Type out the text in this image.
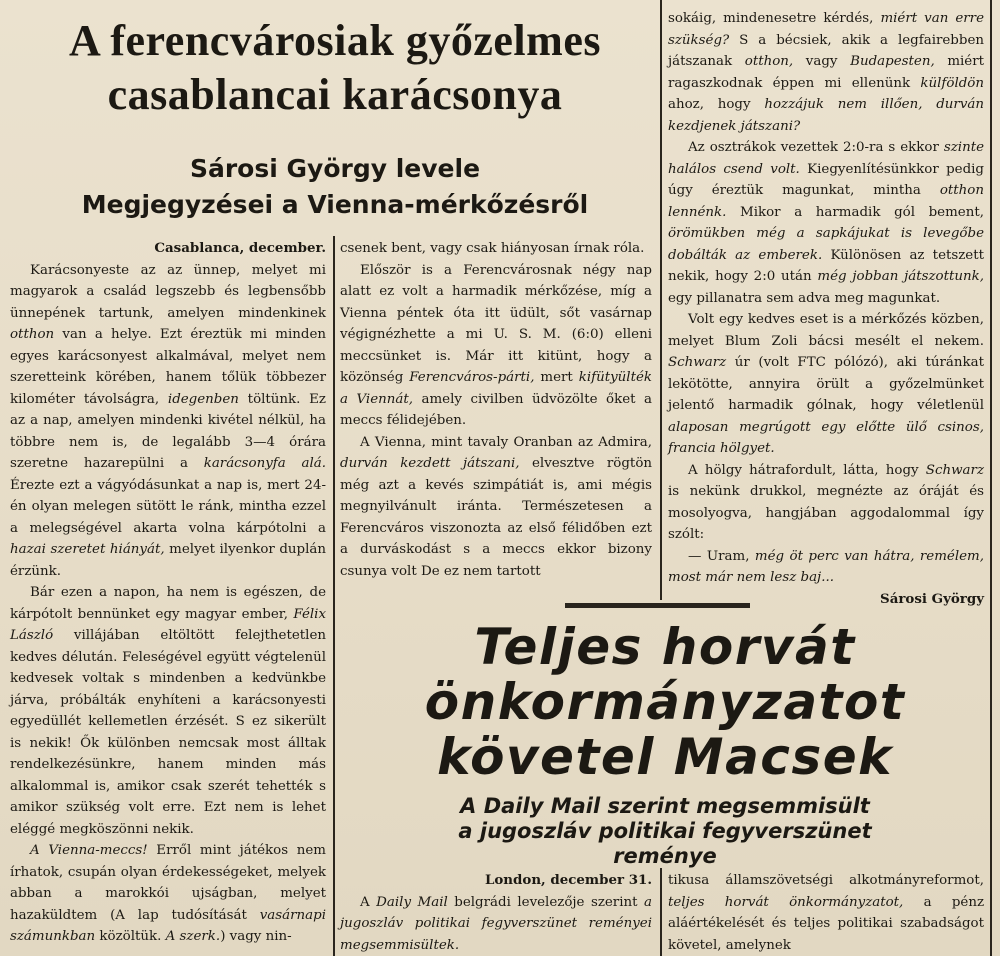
A ferencvárosiak győzelmes
casablancai karácsonya
Sárosi György levele
Megjegyzései a Vienna-mérkőzésről

Casablanca, december.

Karácsonyeste az az ünnep, melyet mi magyarok a család legszebb és legbensőbb ünnepének tartunk, amelyen mindenkinek otthon van a helye. Ezt éreztük mi minden egyes karácsonyest alkalmával, melyet nem szeretteink körében, hanem tőlük többezer kilométer távolságra, idegenben töltünk. Ez az a nap, amelyen mindenki kivétel nélkül, ha többre nem is, de legalább 3—4 órára szeretne hazarepülni a karácsonyfa alá. Érezte ezt a vágyódásunkat a nap is, mert 24-én olyan melegen sütött le ránk, mintha ezzel a melegségével akarta volna kárpótolni a hazai szeretet hiányát, melyet ilyenkor duplán érzünk.

Bár ezen a napon, ha nem is egészen, de kárpótolt bennünket egy magyar ember, Félix László villájában eltöltött felejthetetlen kedves délután. Feleségével együtt végtelenül kedvesek voltak s mindenben a kedvünkbe járva, próbálták enyhíteni a karácsonyesti egyedüllét kellemetlen érzését. S ez sikerült is nekik! Ők különben nemcsak most álltak rendelkezésünkre, hanem minden más alkalommal is, amikor csak szerét tehették s amikor szükség volt erre. Ezt nem is lehet eléggé megköszönni nekik.

A Vienna-meccs! Erről mint játékos nem írhatok, csupán olyan érdekességeket, melyek abban a marokkói ujságban, melyet hazaküldtem (A lap tudósítását vasárnapi számunkban közöltük. A szerk.) vagy nin-

csenek bent, vagy csak hiányosan írnak róla.

Először is a Ferencvárosnak négy nap alatt ez volt a harmadik mérkőzése, míg a Vienna péntek óta itt üdült, sőt vasárnap végignézhette a mi U. S. M. (6:0) elleni meccsünket is. Már itt kitünt, hogy a közönség Ferencváros-párti, mert kifütyülték a Viennát, amely civilben üdvözölte őket a meccs félidejében.

A Vienna, mint tavaly Oranban az Admira, durván kezdett játszani, elvesztve rögtön még azt a kevés szimpátiát is, ami mégis megnyilvánult iránta. Természetesen a Ferencváros viszonozta az első félidőben ezt a durváskodást s a meccs ekkor bizony csunya volt De ez nem tartott

sokáig, mindenesetre kérdés, miért van erre szükség? S a bécsiek, akik a legfairebben játszanak otthon, vagy Budapesten, miért ragaszkodnak éppen mi ellenünk külföldön ahoz, hogy hozzájuk nem illően, durván kezdjenek játszani?

Az osztrákok vezettek 2:0-ra s ekkor szinte halálos csend volt. Kiegyenlítésünkkor pedig úgy éreztük magunkat, mintha otthon lennénk. Mikor a harmadik gól bement, örömükben még a sapkájukat is levegőbe dobálták az emberek. Különösen az tetszett nekik, hogy 2:0 után még jobban játszottunk, egy pillanatra sem adva meg magunkat.

Volt egy kedves eset is a mérkőzés közben, melyet Blum Zoli bácsi mesélt el nekem. Schwarz úr (volt FTC pólózó), aki túránkat lekötötte, annyira örült a győzelmünket jelentő harmadik gólnak, hogy véletlenül alaposan megrúgott egy előtte ülő csinos, francia hölgyet.

A hölgy hátrafordult, látta, hogy Schwarz is nekünk drukkol, megnézte az óráját és mosolyogva, hangjában aggodalommal így szólt:

— Uram, még öt perc van hátra, remélem, most már nem lesz baj...

Sárosi György

Teljes horvát
önkormányzatot
követel Macsek
A Daily Mail szerint megsemmisült
a jugoszláv politikai fegyverszünet
reménye

London, december 31.

A Daily Mail belgrádi levelezője szerint a jugoszláv politikai fegyverszünet reményei megsemmisültek.

tikusa államszövetségi alkotmányreformot, teljes horvát önkormányzatot, a pénz aláértékelését és teljes politikai szabadságot követel, amelynek
